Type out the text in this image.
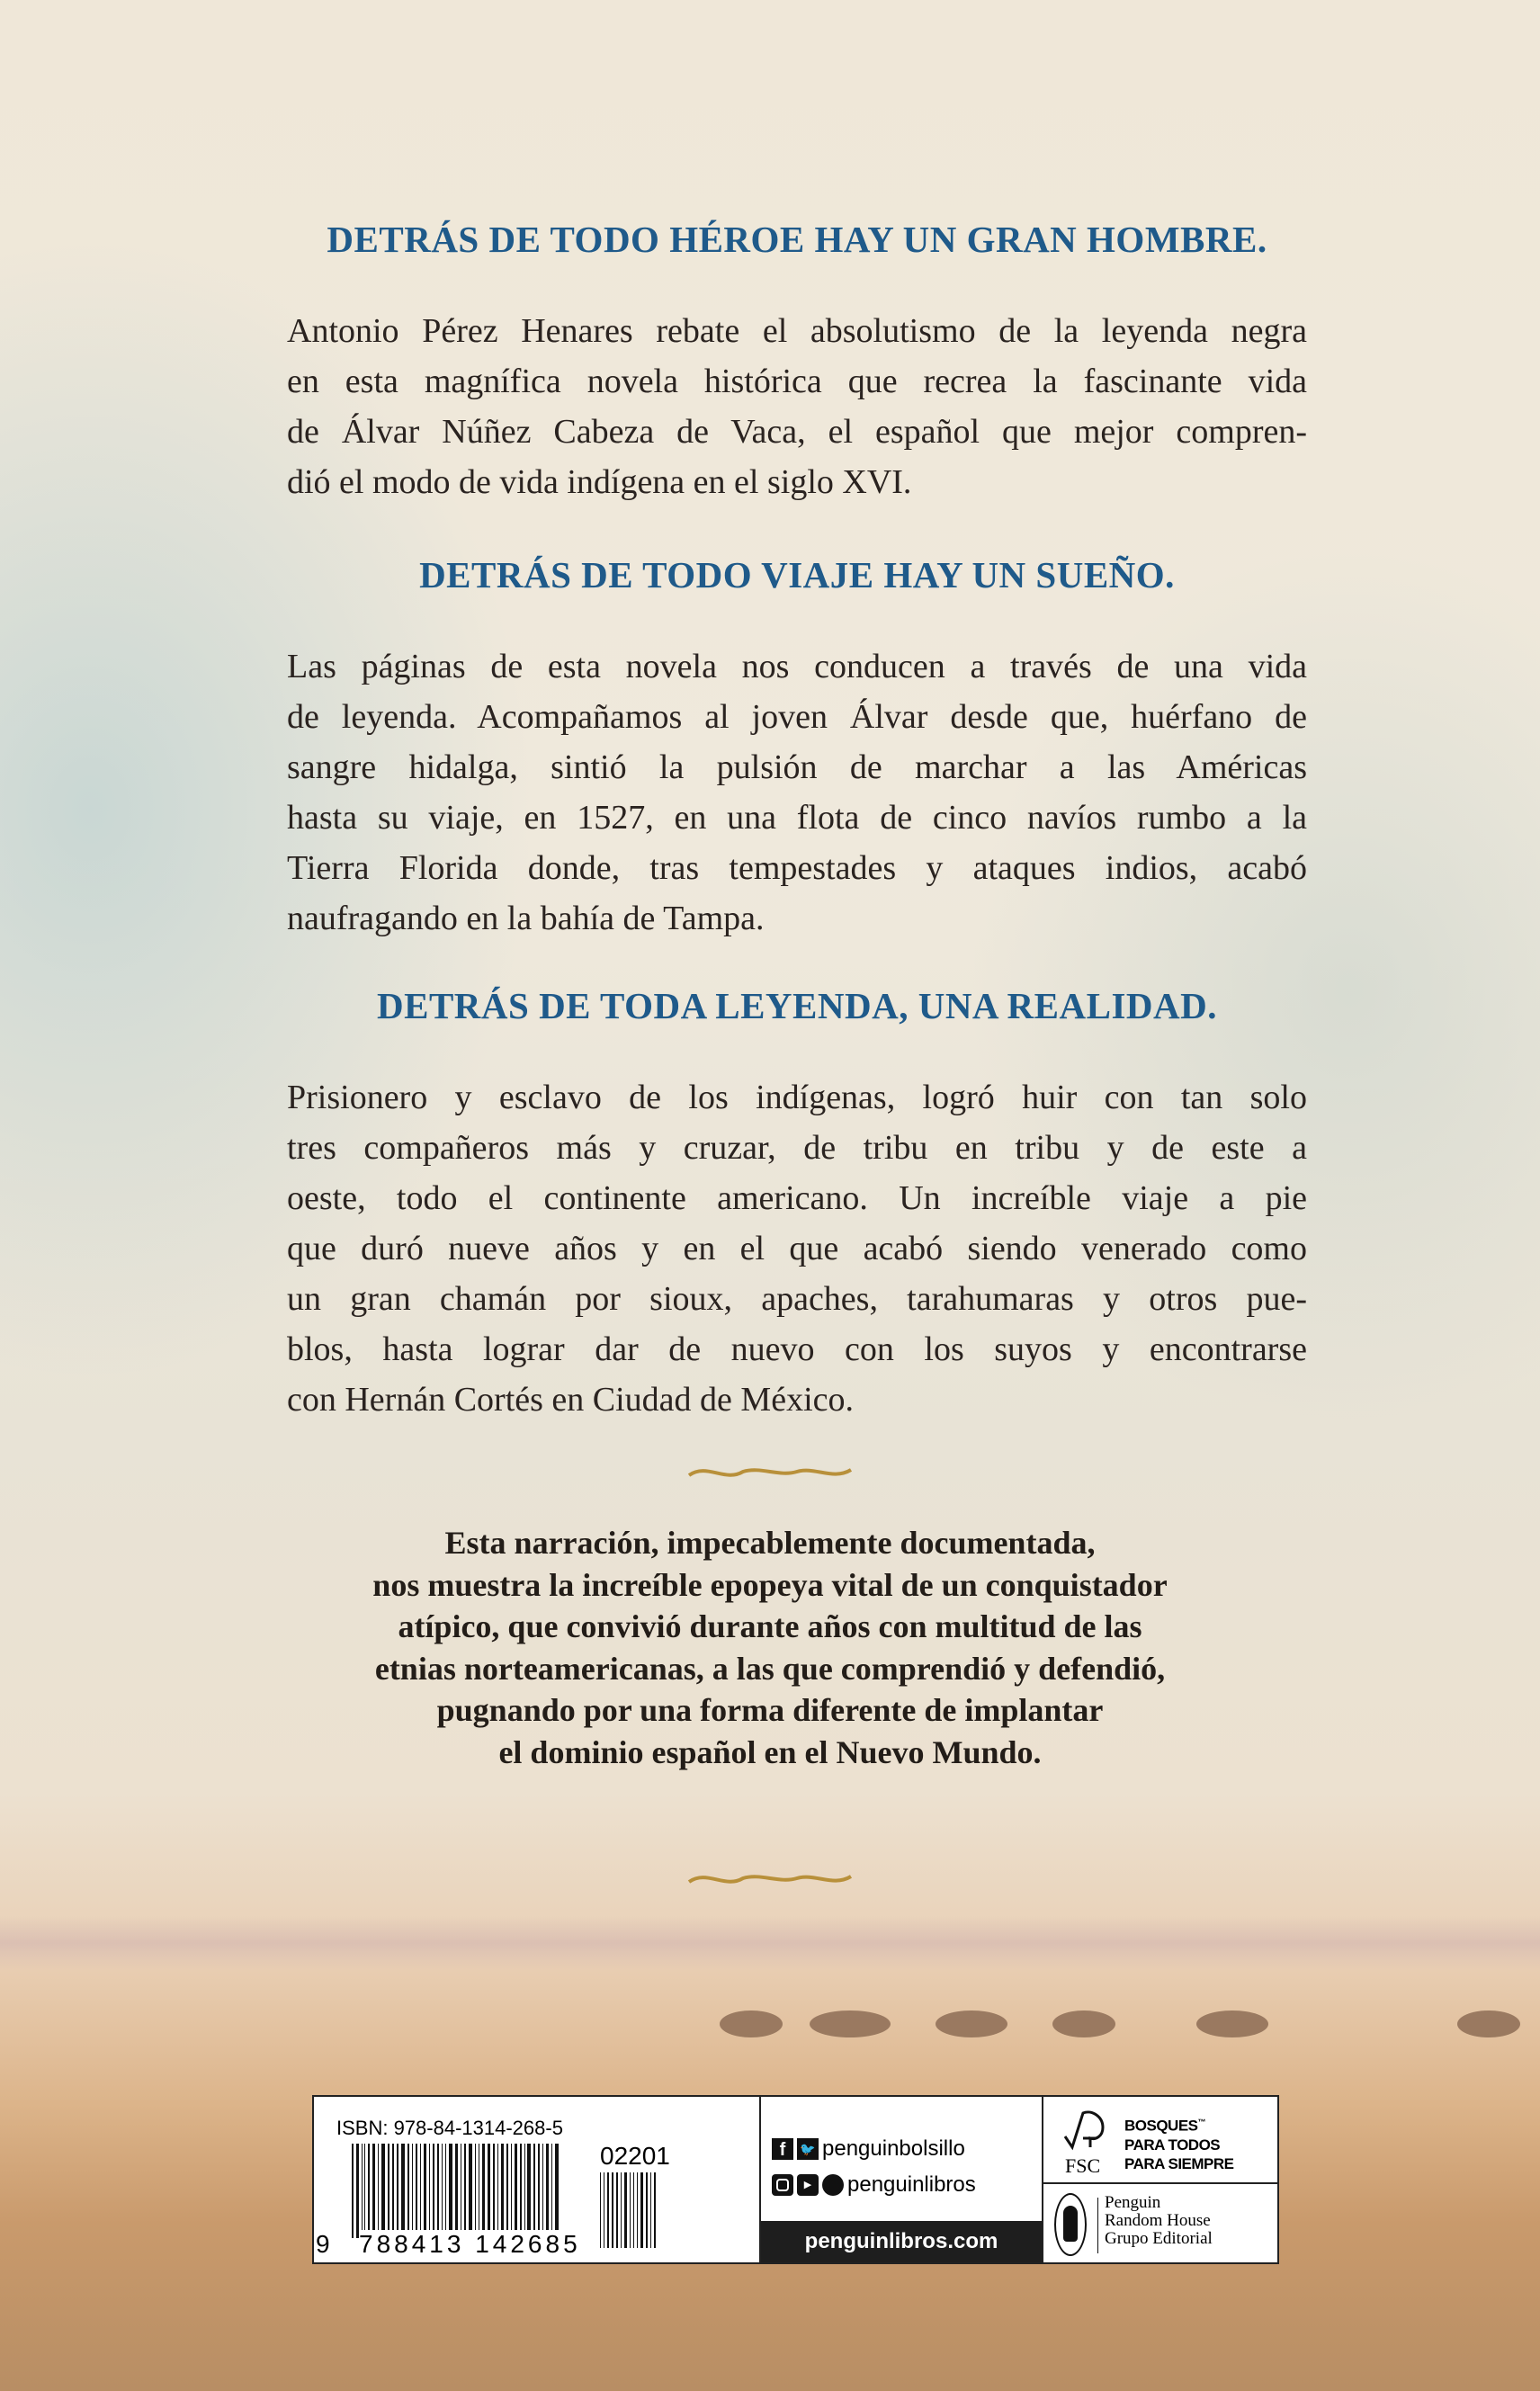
DETRÁS DE TODO HÉROE HAY UN GRAN HOMBRE.
Antonio Pérez Henares rebate el absolutismo de la leyenda negra
en esta magnífica novela histórica que recrea la fascinante vida
de Álvar Núñez Cabeza de Vaca, el español que mejor compren-
dió el modo de vida indígena en el siglo XVI.
DETRÁS DE TODO VIAJE HAY UN SUEÑO.
Las páginas de esta novela nos conducen a través de una vida
de leyenda. Acompañamos al joven Álvar desde que, huérfano de
sangre hidalga, sintió la pulsión de marchar a las Américas
hasta su viaje, en 1527, en una flota de cinco navíos rumbo a la
Tierra Florida donde, tras tempestades y ataques indios, acabó
naufragando en la bahía de Tampa.
DETRÁS DE TODA LEYENDA, UNA REALIDAD.
Prisionero y esclavo de los indígenas, logró huir con tan solo
tres compañeros más y cruzar, de tribu en tribu y de este a
oeste, todo el continente americano. Un increíble viaje a pie
que duró nueve años y en el que acabó siendo venerado como
un gran chamán por sioux, apaches, tarahumaras y otros pue-
blos, hasta lograr dar de nuevo con los suyos y encontrarse
con Hernán Cortés en Ciudad de México.
Esta narración, impecablemente documentada,
nos muestra la increíble epopeya vital de un conquistador
atípico, que convivió durante años con multitud de las
etnias norteamericanas, a las que comprendió y defendió,
pugnando por una forma diferente de implantar
el dominio español en el Nuevo Mundo.
ISBN: 978-84-1314-268-5
9 788413 142685
02201	f	🐦 penguinbolsillo
▶	penguinlibros
penguinlibros.com
FSC
BOSQUES™
PARA TODOS
PARA SIEMPRE
Penguin
Random House
Grupo Editorial
